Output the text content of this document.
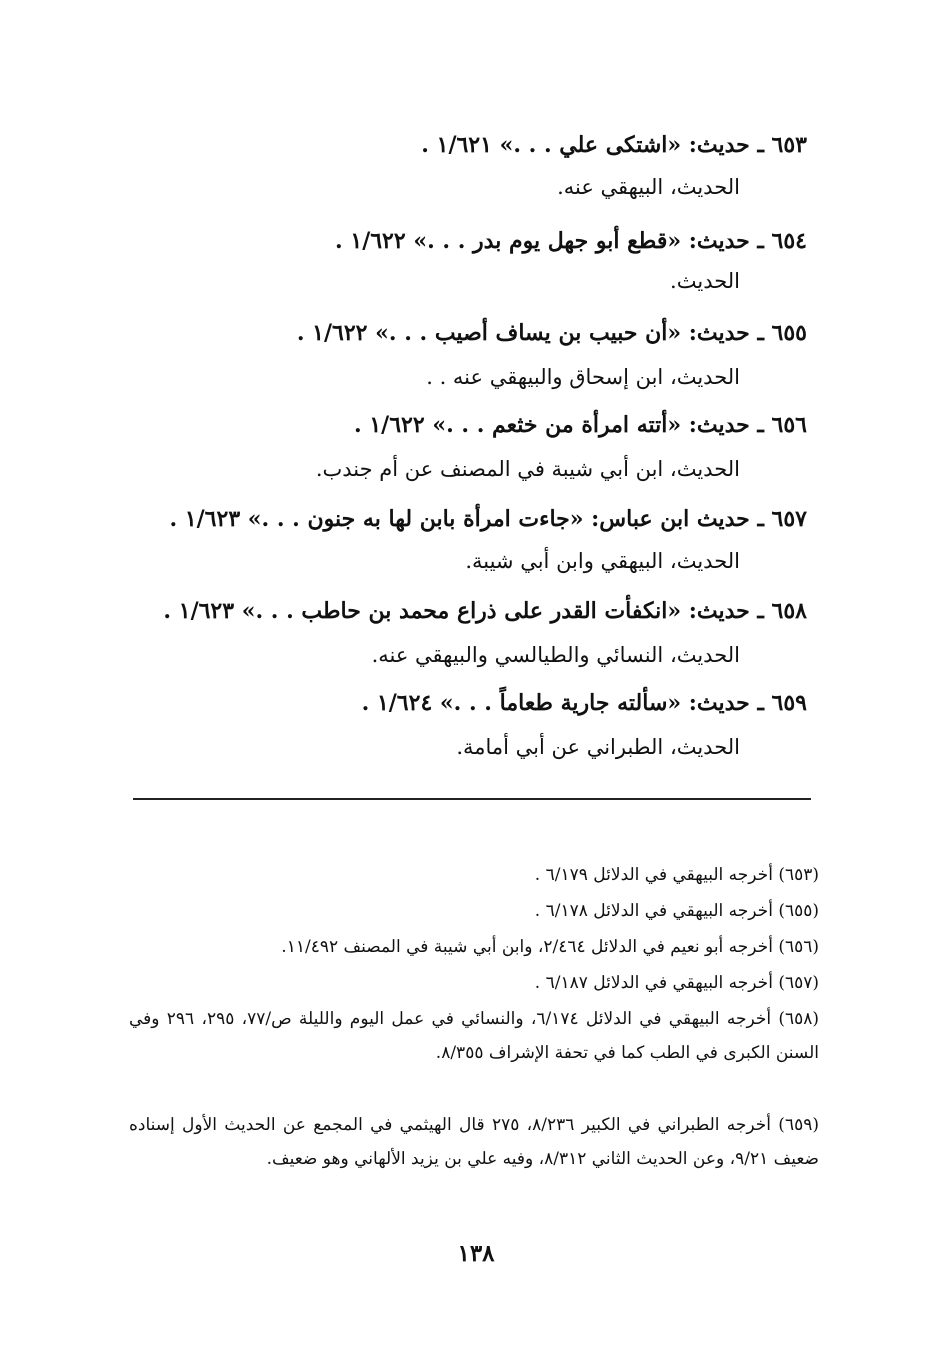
٦٥٣ ـ حديث: «اشتكى علي . . .» ١/٦٢١ .
الحديث، البيهقي عنه.
٦٥٤ ـ حديث: «قطع أبو جهل يوم بدر . . .» ١/٦٢٢ .
الحديث.
٦٥٥ ـ حديث: «أن حبيب بن يساف أصيب . . .» ١/٦٢٢ .
الحديث، ابن إسحاق والبيهقي عنه . .
٦٥٦ ـ حديث: «أتته امرأة من خثعم . . .» ١/٦٢٢ .
الحديث، ابن أبي شيبة في المصنف عن أم جندب.
٦٥٧ ـ حديث ابن عباس: «جاءت امرأة بابن لها به جنون . . .» ١/٦٢٣ .
الحديث، البيهقي وابن أبي شيبة.
٦٥٨ ـ حديث: «انكفأت القدر على ذراع محمد بن حاطب . . .» ١/٦٢٣ .
الحديث، النسائي والطيالسي والبيهقي عنه.
٦٥٩ ـ حديث: «سألته جارية طعاماً . . .» ١/٦٢٤ .
الحديث، الطبراني عن أبي أمامة.
(٦٥٣) أخرجه البيهقي في الدلائل ٦/١٧٩ .
(٦٥٥) أخرجه البيهقي في الدلائل ٦/١٧٨ .
(٦٥٦) أخرجه أبو نعيم في الدلائل ٢/٤٦٤، وابن أبي شيبة في المصنف ١١/٤٩٢.
(٦٥٧) أخرجه البيهقي في الدلائل ٦/١٨٧ .
(٦٥٨) أخرجه البيهقي في الدلائل ٦/١٧٤، والنسائي في عمل اليوم والليلة ص/٧٧، ٢٩٥، ٢٩٦ وفي السنن الكبرى في الطب كما في تحفة الإشراف ٨/٣٥٥.
(٦٥٩) أخرجه الطبراني في الكبير ٨/٢٣٦، ٢٧٥ قال الهيثمي في المجمع عن الحديث الأول إسناده ضعيف ٩/٢١، وعن الحديث الثاني ٨/٣١٢، وفيه علي بن يزيد الألهاني وهو ضعيف.
١٣٨
